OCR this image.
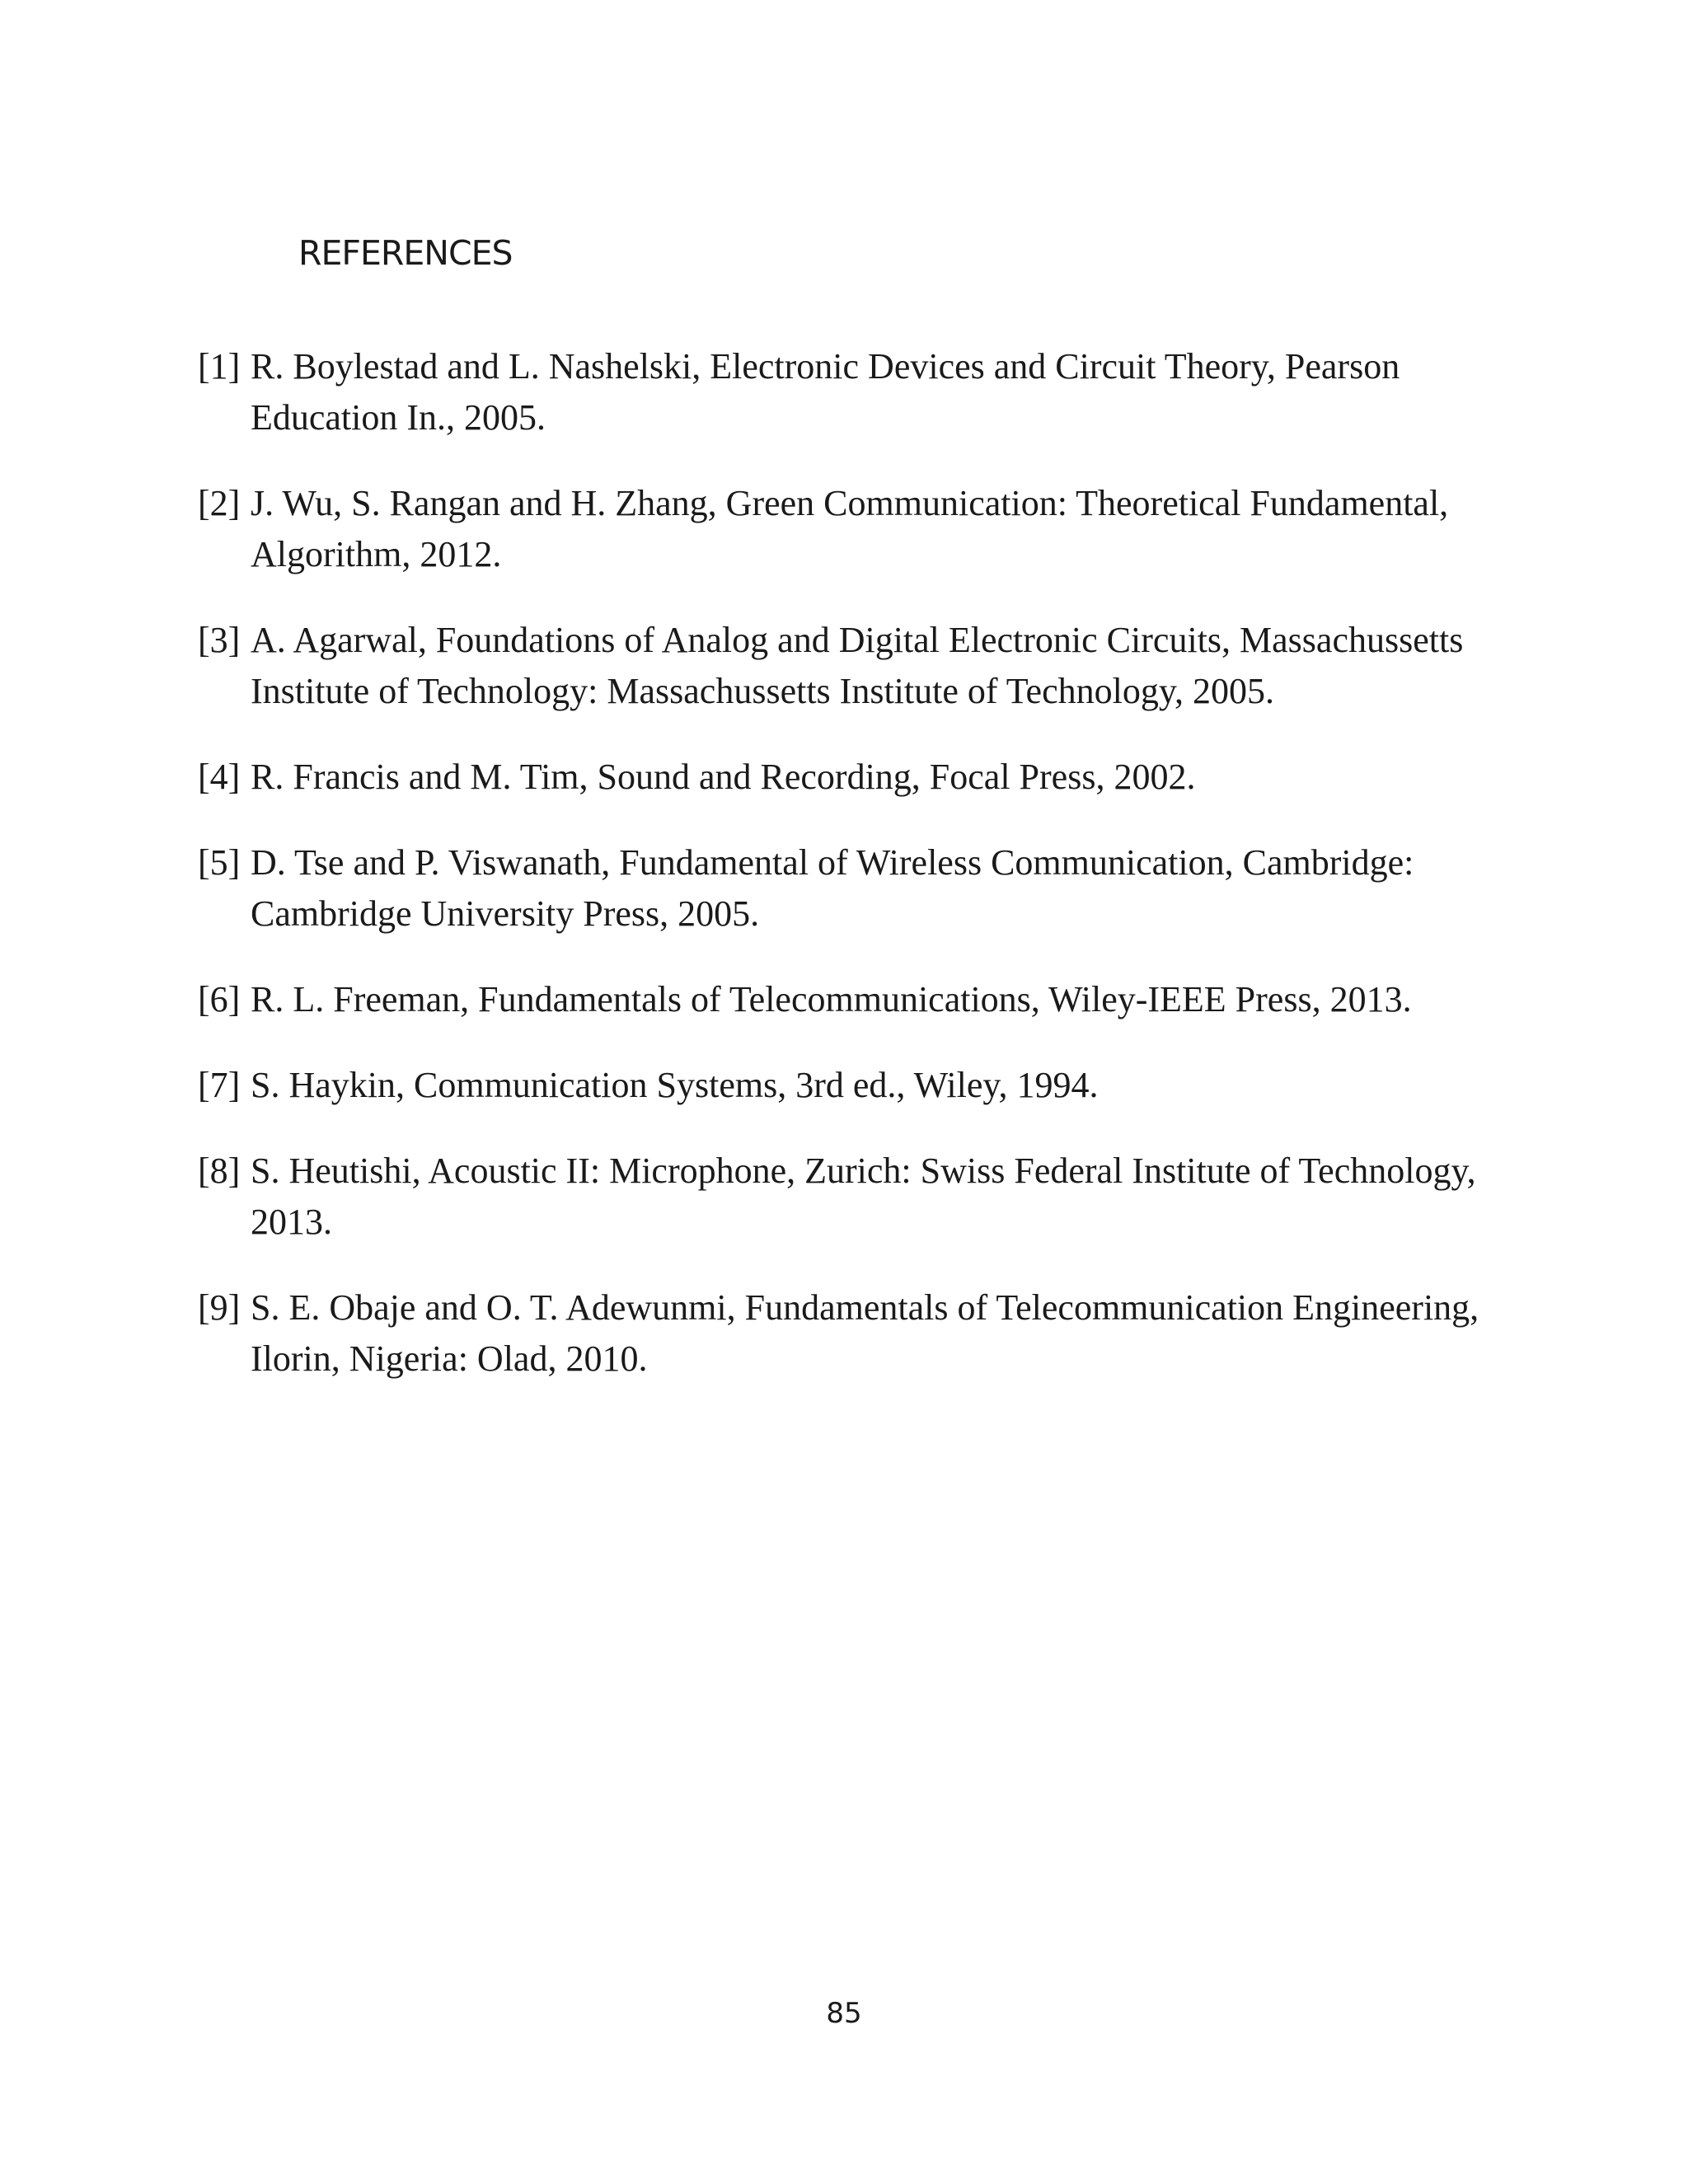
REFERENCES
[1] R. Boylestad and L. Nashelski, Electronic Devices and Circuit Theory, Pearson Education In., 2005.
[2] J. Wu, S. Rangan and H. Zhang, Green Communication: Theoretical Fundamental, Algorithm, 2012.
[3] A. Agarwal, Foundations of Analog and Digital Electronic Circuits, Massachussetts Institute of Technology: Massachussetts Institute of Technology, 2005.
[4] R. Francis and M. Tim, Sound and Recording, Focal Press, 2002.
[5] D. Tse and P. Viswanath, Fundamental of Wireless Communication, Cambridge: Cambridge University Press, 2005.
[6] R. L. Freeman, Fundamentals of Telecommunications, Wiley-IEEE Press, 2013.
[7] S. Haykin, Communication Systems, 3rd ed., Wiley, 1994.
[8] S. Heutishi, Acoustic II: Microphone, Zurich: Swiss Federal Institute of Technology, 2013.
[9] S. E. Obaje and O. T. Adewunmi, Fundamentals of Telecommunication Engineering, Ilorin, Nigeria: Olad, 2010.
85
